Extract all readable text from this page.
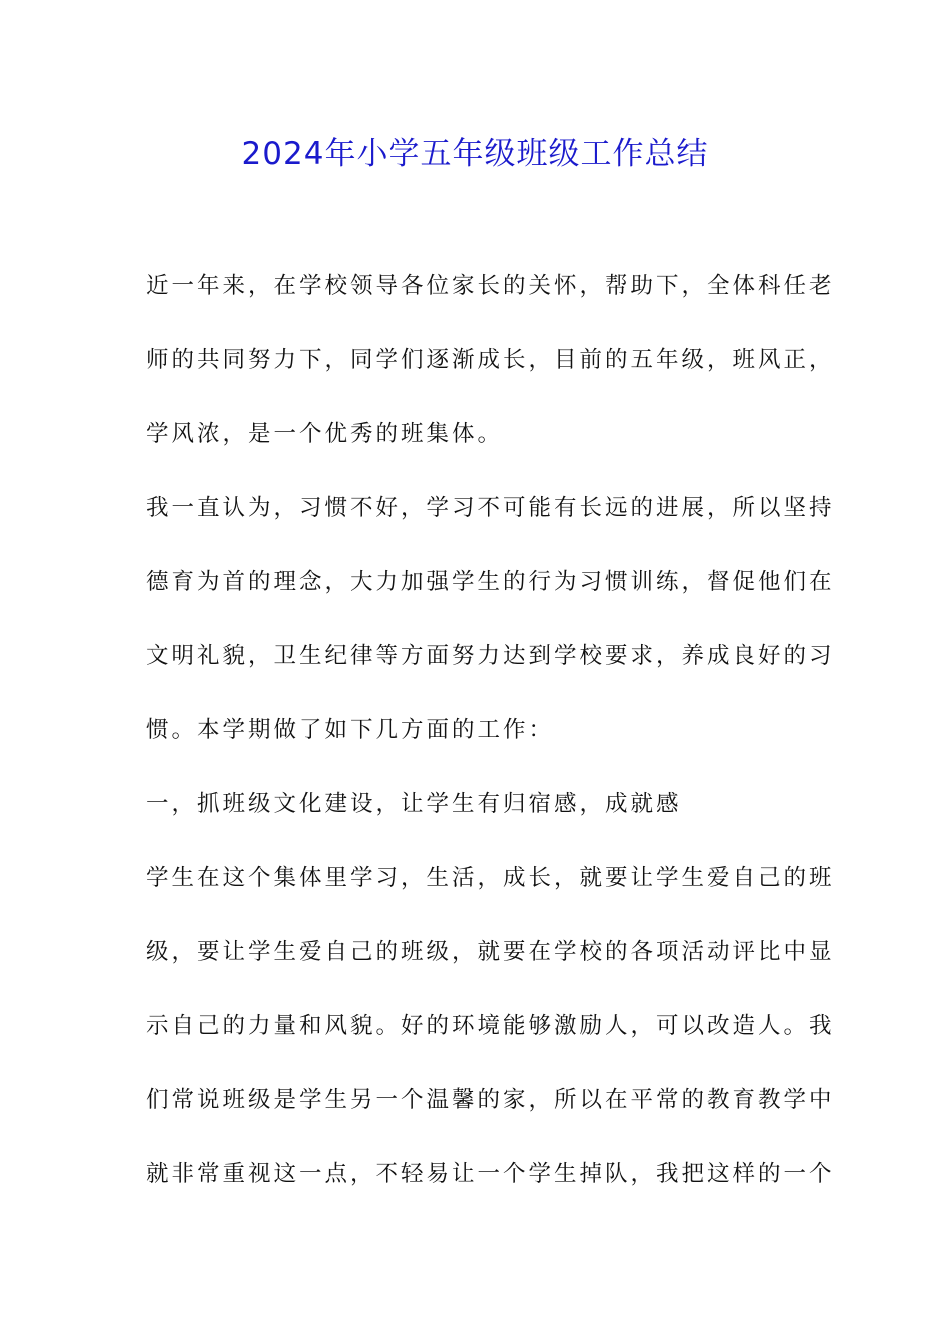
2024年小学五年级班级工作总结
近一年来，在学校领导各位家长的关怀，帮助下，全体科任老
师的共同努力下，同学们逐渐成长，目前的五年级，班风正，
学风浓，是一个优秀的班集体。
我一直认为，习惯不好，学习不可能有长远的进展，所以坚持
德育为首的理念，大力加强学生的行为习惯训练，督促他们在
文明礼貌，卫生纪律等方面努力达到学校要求，养成良好的习
惯。本学期做了如下几方面的工作：
一，抓班级文化建设，让学生有归宿感，成就感
学生在这个集体里学习，生活，成长，就要让学生爱自己的班
级，要让学生爱自己的班级，就要在学校的各项活动评比中显
示自己的力量和风貌。好的环境能够激励人，可以改造人。我
们常说班级是学生另一个温馨的家，所以在平常的教育教学中
就非常重视这一点，不轻易让一个学生掉队，我把这样的一个
